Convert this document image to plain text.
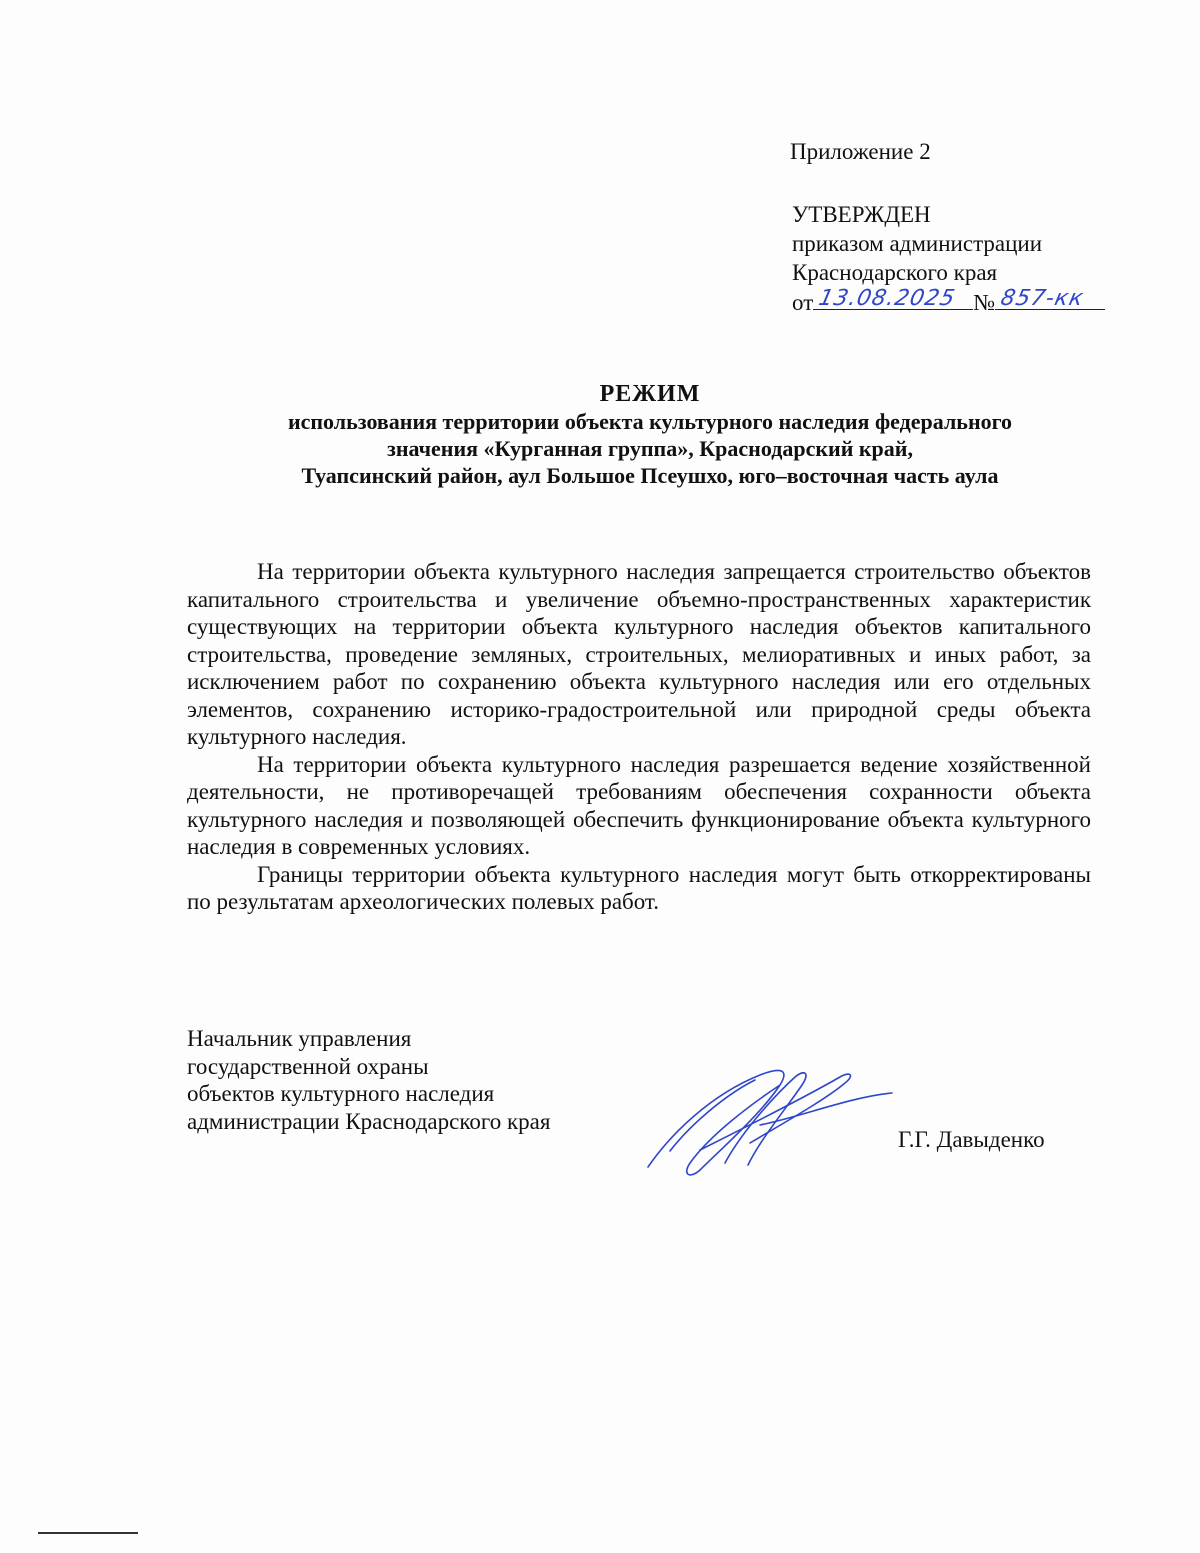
Приложение 2
УТВЕРЖДЕН
приказом администрации
Краснодарского края
от 13.08.2025 № 857-кк
РЕЖИМ
использования территории объекта культурного наследия федерального
значения «Курганная группа», Краснодарский край,
Туапсинский район, аул Большое Псеушхо, юго–восточная часть аула

На территории объекта культурного наследия запрещается строительство объектов капитального строительства и увеличение объемно-пространственных характеристик существующих на территории объекта культурного наследия объектов капитального строительства, проведение земляных, строительных, мелиоративных и иных работ, за исключением работ по сохранению объекта культурного наследия или его отдельных элементов, сохранению историко-градостроительной или природной среды объекта культурного наследия.

На территории объекта культурного наследия разрешается ведение хозяйственной деятельности, не противоречащей требованиям обеспечения сохранности объекта культурного наследия и позволяющей обеспечить функционирование объекта культурного наследия в современных условиях.

Границы территории объекта культурного наследия могут быть откорректированы по результатам археологических полевых работ.

Начальник управления
государственной охраны
объектов культурного наследия
администрации Краснодарского края
Г.Г. Давыденко
